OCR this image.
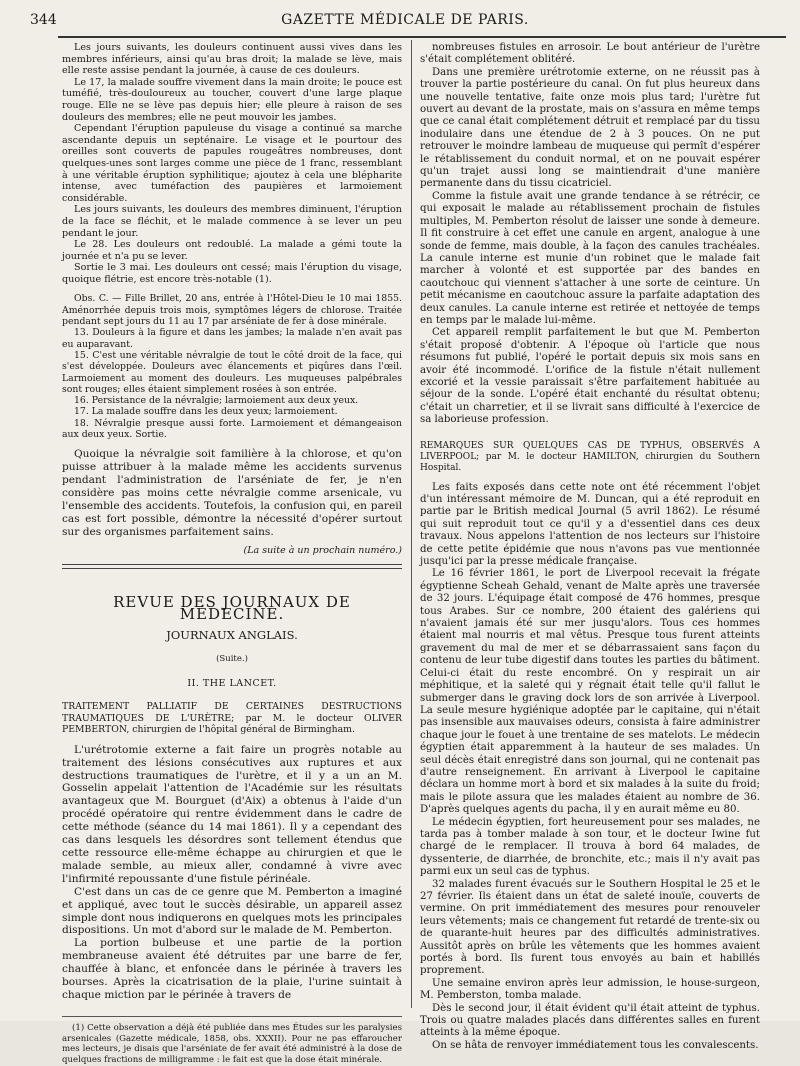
344	GAZETTE MÉDICALE DE PARIS.

Les jours suivants, les douleurs continuent aussi vives dans les membres inférieurs, ainsi qu'au bras droit; la malade se lève, mais elle reste assise pendant la journée, à cause de ces douleurs.

Le 17, la malade souffre vivement dans la main droite; le pouce est tuméfié, très-douloureux au toucher, couvert d'une large plaque rouge. Elle ne se lève pas depuis hier; elle pleure à raison de ses douleurs des membres; elle ne peut mouvoir les jambes.

Cependant l'éruption papuleuse du visage a continué sa marche ascendante depuis un septénaire. Le visage et le pourtour des oreilles sont couverts de papules rougeâtres nombreuses, dont quelques-unes sont larges comme une pièce de 1 franc, ressemblant à une véritable éruption syphilitique; ajoutez à cela une blépharite intense, avec tuméfaction des paupières et larmoiement considérable.

Les jours suivants, les douleurs des membres diminuent, l'éruption de la face se fléchit, et le malade commence à se lever un peu pendant le jour.

Le 28. Les douleurs ont redoublé. La malade a gémi toute la journée et n'a pu se lever.

Sortie le 3 mai. Les douleurs ont cessé; mais l'éruption du visage, quoique flétrie, est encore très-notable (1).

Obs. C. — Fille Brillet, 20 ans, entrée à l'Hôtel-Dieu le 10 mai 1855. Aménorrhée depuis trois mois, symptômes légers de chlorose. Traitée pendant sept jours du 11 au 17 par arséniate de fer à dose minérale.

13. Douleurs à la figure et dans les jambes; la malade n'en avait pas eu auparavant.

15. C'est une véritable névralgie de tout le côté droit de la face, qui s'est développée. Douleurs avec élancements et piqûres dans l'œil. Larmoiement au moment des douleurs. Les muqueuses palpébrales sont rouges; elles étaient simplement rosées à son entrée.

16. Persistance de la névralgie; larmoiement aux deux yeux.

17. La malade souffre dans les deux yeux; larmoiement.

18. Névralgie presque aussi forte. Larmoiement et démangeaison aux deux yeux. Sortie.

Quoique la névralgie soit familière à la chlorose, et qu'on puisse attribuer à la malade même les accidents survenus pendant l'administration de l'arséniate de fer, je n'en considère pas moins cette névralgie comme arsenicale, vu l'ensemble des accidents. Toutefois, la confusion qui, en pareil cas est fort possible, démontre la nécessité d'opérer surtout sur des organismes parfaitement sains.

(La suite à un prochain numéro.)

REVUE DES JOURNAUX DE MÉDECINE.
JOURNAUX ANGLAIS.
(Suite.)
II. THE LANCET.

TRAITEMENT PALLIATIF DE CERTAINES DESTRUCTIONS TRAUMATIQUES DE L'URÈTRE; par M. le docteur OLIVER PEMBERTON, chirurgien de l'hôpital général de Birmingham.

L'urétrotomie externe a fait faire un progrès notable au traitement des lésions consécutives aux ruptures et aux destructions traumatiques de l'urètre, et il y a un an M. Gosselin appelait l'attention de l'Académie sur les résultats avantageux que M. Bourguet (d'Aix) a obtenus à l'aide d'un procédé opératoire qui rentre évidemment dans le cadre de cette méthode (séance du 14 mai 1861). Il y a cependant des cas dans lesquels les désordres sont tellement étendus que cette ressource elle-même échappe au chirurgien et que le malade semble, au mieux aller, condamné à vivre avec l'infirmité repoussante d'une fistule périnéale.

C'est dans un cas de ce genre que M. Pemberton a imaginé et appliqué, avec tout le succès désirable, un appareil assez simple dont nous indiquerons en quelques mots les principales dispositions. Un mot d'abord sur le malade de M. Pemberton.

La portion bulbeuse et une partie de la portion membraneuse avaient été détruites par une barre de fer, chauffée à blanc, et enfoncée dans le périnée à travers les bourses. Après la cicatrisation de la plaie, l'urine suintait à chaque miction par le périnée à travers de

(1) Cette observation a déjà été publiée dans mes Études sur les paralysies arsenicales (Gazette médicale, 1858, obs. XXXII). Pour ne pas effaroucher mes lecteurs, je disais que l'arséniate de fer avait été administré à la dose de quelques fractions de milligramme : le fait est que la dose était minérale.

nombreuses fistules en arrosoir. Le bout antérieur de l'urètre s'était complétement oblitéré.

Dans une première urétrotomie externe, on ne réussit pas à trouver la partie postérieure du canal. On fut plus heureux dans une nouvelle tentative, faite onze mois plus tard; l'urètre fut ouvert au devant de la prostate, mais on s'assura en même temps que ce canal était complétement détruit et remplacé par du tissu inodulaire dans une étendue de 2 à 3 pouces. On ne put retrouver le moindre lambeau de muqueuse qui permît d'espérer le rétablissement du conduit normal, et on ne pouvait espérer qu'un trajet aussi long se maintiendrait d'une manière permanente dans du tissu cicatriciel.

Comme la fistule avait une grande tendance à se rétrécir, ce qui exposait le malade au rétablissement prochain de fistules multiples, M. Pemberton résolut de laisser une sonde à demeure. Il fit construire à cet effet une canule en argent, analogue à une sonde de femme, mais double, à la façon des canules trachéales. La canule interne est munie d'un robinet que le malade fait marcher à volonté et est supportée par des bandes en caoutchouc qui viennent s'attacher à une sorte de ceinture. Un petit mécanisme en caoutchouc assure la parfaite adaptation des deux canules. La canule interne est retirée et nettoyée de temps en temps par le malade lui-même.

Cet appareil remplit parfaitement le but que M. Pemberton s'était proposé d'obtenir. A l'époque où l'article que nous résumons fut publié, l'opéré le portait depuis six mois sans en avoir été incommodé. L'orifice de la fistule n'était nullement excorié et la vessie paraissait s'être parfaitement habituée au séjour de la sonde. L'opéré était enchanté du résultat obtenu; c'était un charretier, et il se livrait sans difficulté à l'exercice de sa laborieuse profession.

REMARQUES SUR QUELQUES CAS DE TYPHUS, OBSERVÉS A LIVERPOOL; par M. le docteur HAMILTON, chirurgien du Southern Hospital.

Les faits exposés dans cette note ont été récemment l'objet d'un intéressant mémoire de M. Duncan, qui a été reproduit en partie par le British medical Journal (5 avril 1862). Le résumé qui suit reproduit tout ce qu'il y a d'essentiel dans ces deux travaux. Nous appelons l'attention de nos lecteurs sur l'histoire de cette petite épidémie que nous n'avons pas vue mentionnée jusqu'ici par la presse médicale française.

Le 16 février 1861, le port de Liverpool recevait la frégate égyptienne Scheah Gehald, venant de Malte après une traversée de 32 jours. L'équipage était composé de 476 hommes, presque tous Arabes. Sur ce nombre, 200 étaient des galériens qui n'avaient jamais été sur mer jusqu'alors. Tous ces hommes étaient mal nourris et mal vêtus. Presque tous furent atteints gravement du mal de mer et se débarrassaient sans façon du contenu de leur tube digestif dans toutes les parties du bâtiment. Celui-ci était du reste encombré. On y respirait un air méphitique, et la saleté qui y régnait était telle qu'il fallut le submerger dans le graving dock lors de son arrivée à Liverpool. La seule mesure hygiénique adoptée par le capitaine, qui n'était pas insensible aux mauvaises odeurs, consista à faire administrer chaque jour le fouet à une trentaine de ses matelots. Le médecin égyptien était apparemment à la hauteur de ses malades. Un seul décès était enregistré dans son journal, qui ne contenait pas d'autre renseignement. En arrivant à Liverpool le capitaine déclara un homme mort à bord et six malades à la suite du froid; mais le pilote assura que les malades étaient au nombre de 36. D'après quelques agents du pacha, il y en aurait même eu 80.

Le médecin égyptien, fort heureusement pour ses malades, ne tarda pas à tomber malade à son tour, et le docteur Iwine fut chargé de le remplacer. Il trouva à bord 64 malades, de dyssenterie, de diarrhée, de bronchite, etc.; mais il n'y avait pas parmi eux un seul cas de typhus.

32 malades furent évacués sur le Southern Hospital le 25 et le 27 février. Ils étaient dans un état de saleté inouïe, couverts de vermine. On prit immédiatement des mesures pour renouveler leurs vêtements; mais ce changement fut retardé de trente-six ou de quarante-huit heures par des difficultés administratives. Aussitôt après on brûle les vêtements que les hommes avaient portés à bord. Ils furent tous envoyés au bain et habillés proprement.

Une semaine environ après leur admission, le house-surgeon, M. Pemberston, tomba malade.

Dès le second jour, il était évident qu'il était atteint de typhus. Trois ou quatre malades placés dans différentes salles en furent atteints à la même époque.

On se hâta de renvoyer immédiatement tous les convalescents.
